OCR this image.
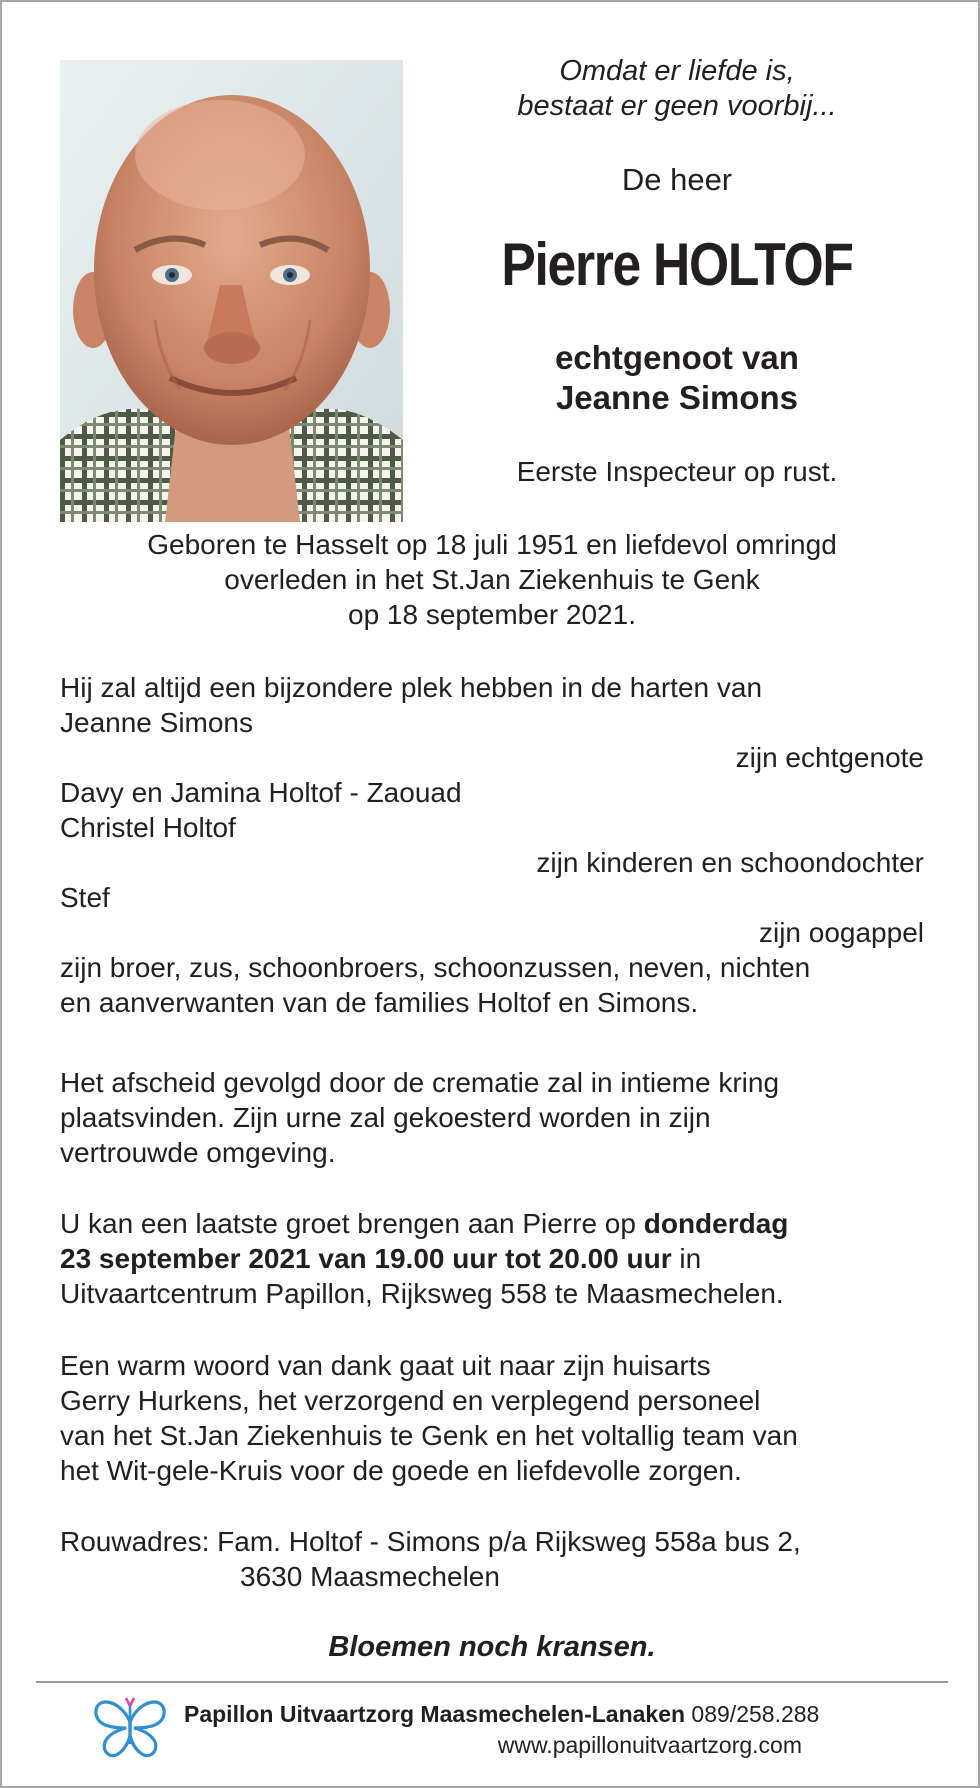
Omdat er liefde is,
bestaat er geen voorbij...
De heer
Pierre HOLTOF
echtgenoot van
Jeanne Simons
Eerste Inspecteur op rust.
Geboren te Hasselt op 18 juli 1951 en liefdevol omringd
overleden in het St.Jan Ziekenhuis te Genk
op 18 september 2021.
Hij zal altijd een bijzondere plek hebben in de harten van
Jeanne Simons
zijn echtgenote
Davy en Jamina Holtof - Zaouad
Christel Holtof
zijn kinderen en schoondochter
Stef
zijn oogappel
zijn broer, zus, schoonbroers, schoonzussen, neven, nichten
en aanverwanten van de families Holtof en Simons.
Het afscheid gevolgd door de crematie zal in intieme kring
plaatsvinden. Zijn urne zal gekoesterd worden in zijn
vertrouwde omgeving.
U kan een laatste groet brengen aan Pierre op donderdag
23 september 2021 van 19.00 uur tot 20.00 uur in
Uitvaartcentrum Papillon, Rijksweg 558 te Maasmechelen.
Een warm woord van dank gaat uit naar zijn huisarts
Gerry Hurkens, het verzorgend en verplegend personeel
van het St.Jan Ziekenhuis te Genk en het voltallig team van
het Wit-gele-Kruis voor de goede en liefdevolle zorgen.
Rouwadres: Fam. Holtof - Simons p/a Rijksweg 558a bus 2,
3630 Maasmechelen
Bloemen noch kransen.
Papillon Uitvaartzorg Maasmechelen-Lanaken 089/258.288
www.papillonuitvaartzorg.com
